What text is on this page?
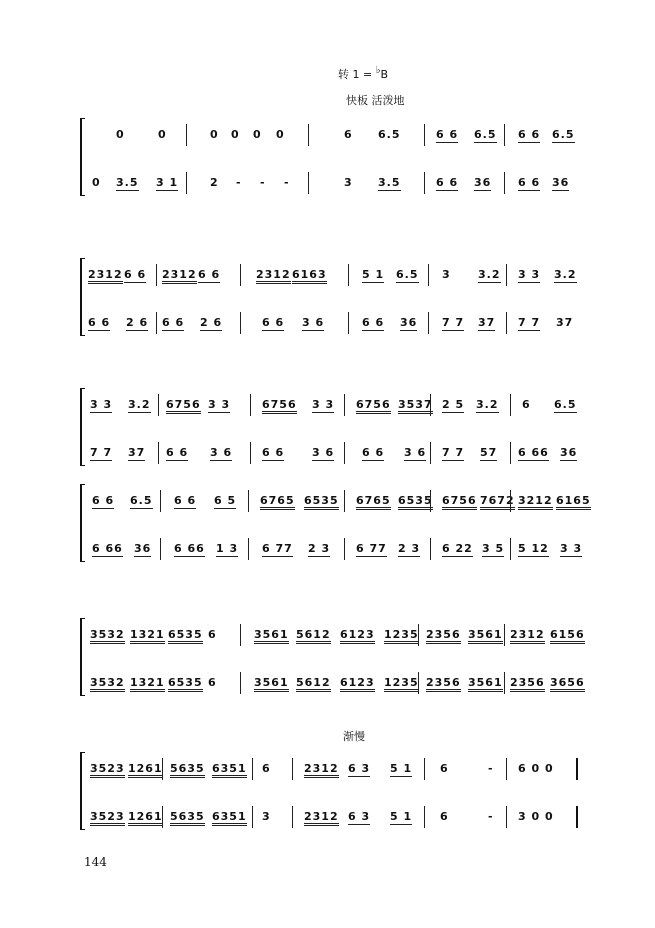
转 1 = ♭B
快板 活泼地
0	0	0 0 0 0	6 6.5	6 6 6.5 6 6 6.5
0 3.5 3 1	2 - - -	3 3.5	6 6 36 6 6 36
2312 6 6 2312 6 6	2312 6163	5 1 6.5 3 3.2 3 3 3.2
6 6 2 6 6 6 2 6	6 6 3 6	6 6 36 7 7 37 7 7 37
3 3 3.2 6756 3 3	6756 3 3 6756 3537 2 5 3.2 6 6.5
7 7 37 6 6 3 6	6 6	3 6	6 6 3 6 7 7 57 6 66 36
6 6 6.5 6 6 6 5 6765 6535 6765 6535 6756 7672 3212 6165
6 66 36 6 66 1 3 6 77 2 3 6 77 2 3 6 22 3 5 5 12 3 3
3532 1321 6535 6	3561 5612 6123 1235 2356 3561 2312 6156
3532 1321 6535 6	3561 5612 6123 1235 2356 3561 2356 3656
3523 1261 5635 6351 6	2312 6 3 5 1	6	- 6 0 0
3523 1261 5635 6351 3	2312 6 3 5 1	6	- 3 0 0
渐慢
144
